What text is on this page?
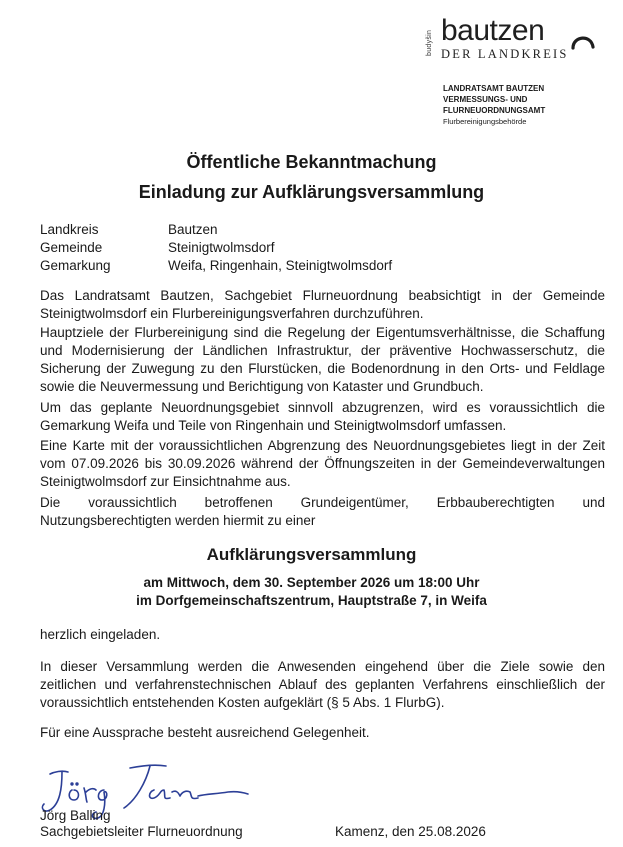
budyšin bautzen
DER LANDKREIS
LANDRATSAMT BAUTZEN
VERMESSUNGS- UND
FLURNEUORDNUNGSAMT
Flurbereinigungsbehörde
Öffentliche Bekanntmachung
Einladung zur Aufklärungsversammlung
Landkreis	Bautzen
Gemeinde	Steinigtwolmsdorf
Gemarkung	Weifa, Ringenhain, Steinigtwolmsdorf
Das Landratsamt Bautzen, Sachgebiet Flurneuordnung beabsichtigt in der Gemeinde Steinigtwolmsdorf ein Flurbereinigungsverfahren durchzuführen.
Hauptziele der Flurbereinigung sind die Regelung der Eigentumsverhältnisse, die Schaffung und Modernisierung der Ländlichen Infrastruktur, der präventive Hochwasserschutz, die Sicherung der Zuwegung zu den Flurstücken, die Bodenordnung in den Orts- und Feldlage sowie die Neuvermessung und Berichtigung von Kataster und Grundbuch.
Um das geplante Neuordnungsgebiet sinnvoll abzugrenzen, wird es voraussichtlich die Gemarkung Weifa und Teile von Ringenhain und Steinigtwolmsdorf umfassen.
Eine Karte mit der voraussichtlichen Abgrenzung des Neuordnungsgebietes liegt in der Zeit vom 07.09.2026 bis 30.09.2026 während der Öffnungszeiten in der Gemeindeverwaltungen Steinigtwolmsdorf zur Einsichtnahme aus.
Die voraussichtlich betroffenen Grundeigentümer, Erbbauberechtigten und Nutzungsberechtigten werden hiermit zu einer
Aufklärungsversammlung
am Mittwoch, dem 30. September 2026 um 18:00 Uhr
im Dorfgemeinschaftszentrum, Hauptstraße 7, in Weifa
herzlich eingeladen.
In dieser Versammlung werden die Anwesenden eingehend über die Ziele sowie den zeitlichen und verfahrenstechnischen Ablauf des geplanten Verfahrens einschließlich der voraussichtlich entstehenden Kosten aufgeklärt (§ 5 Abs. 1 FlurbG).
Für eine Aussprache besteht ausreichend Gelegenheit.
Jörg Balling
Sachgebietsleiter Flurneuordnung	Kamenz, den 25.08.2026
